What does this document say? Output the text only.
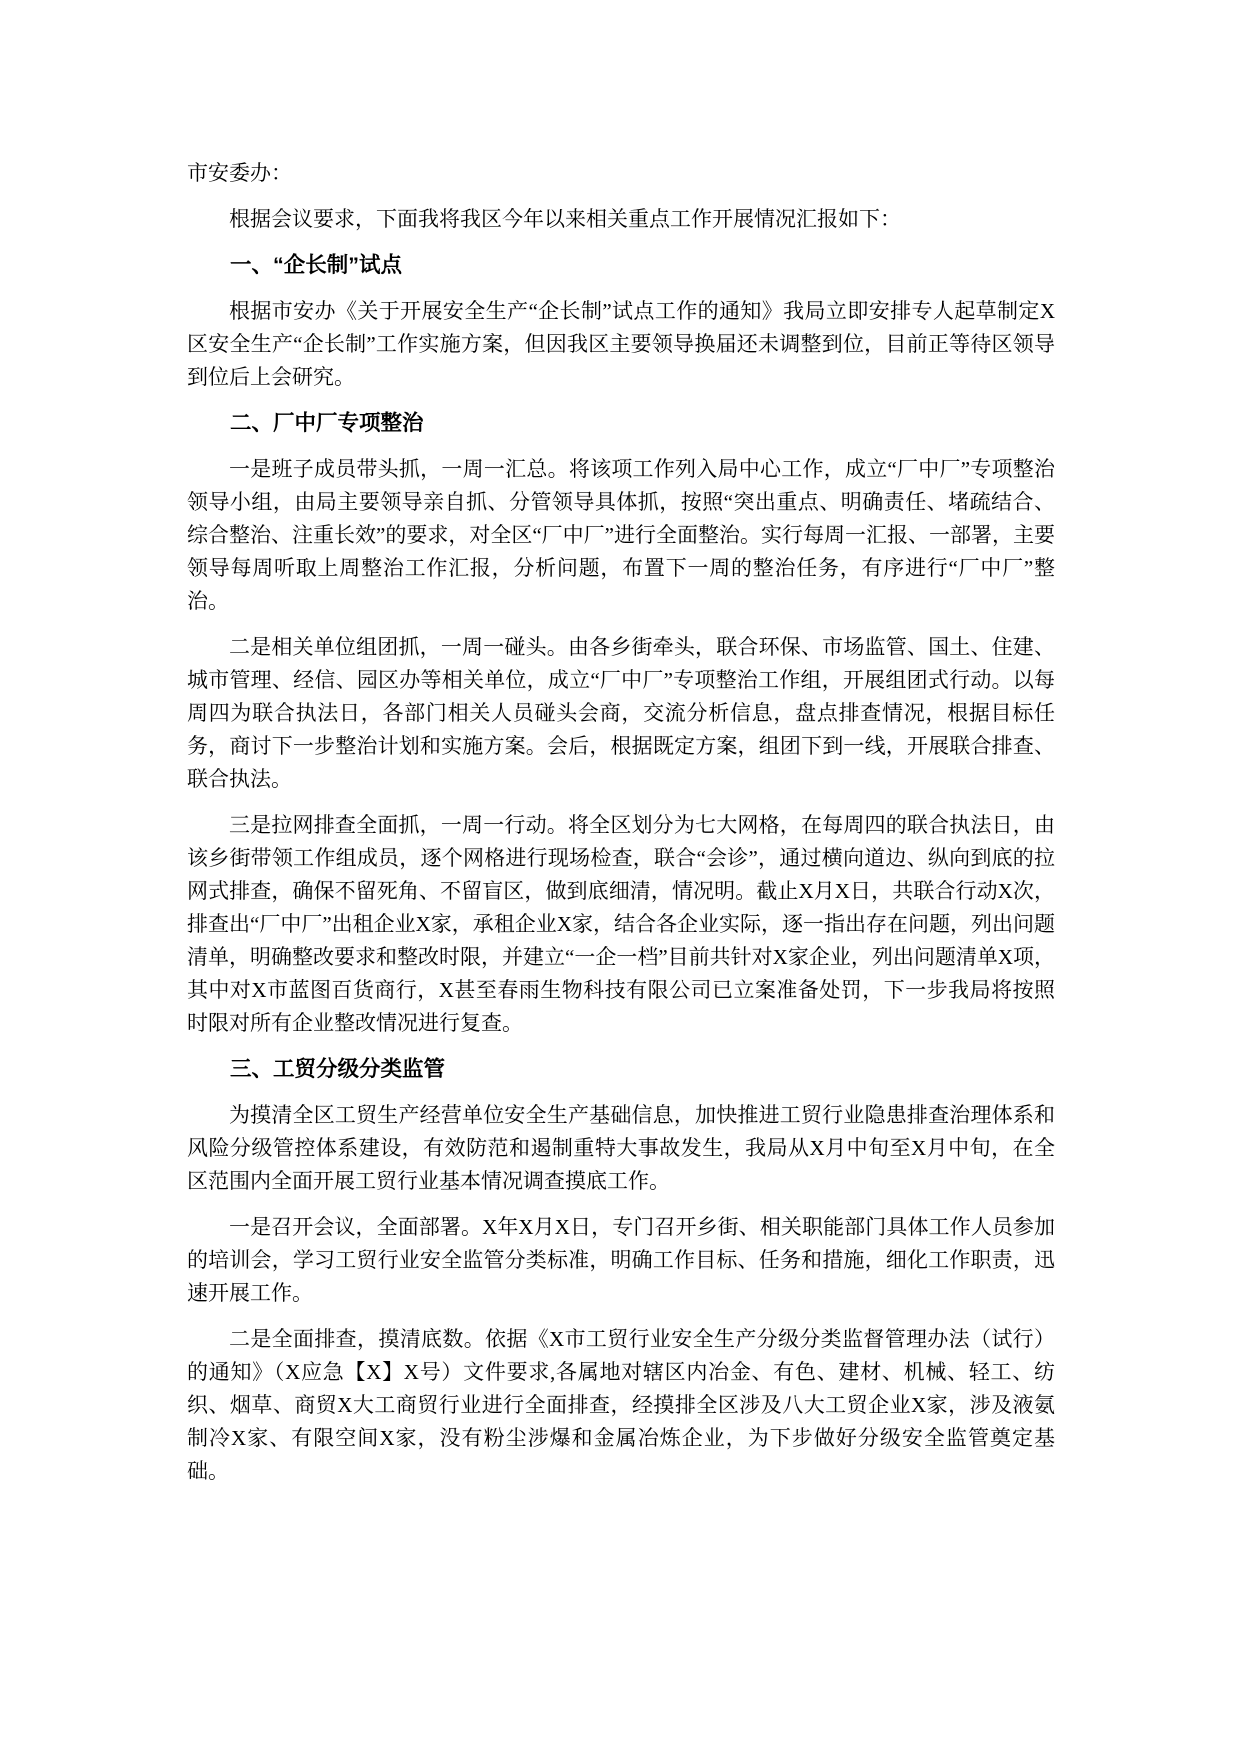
市安委办：

根据会议要求，下面我将我区今年以来相关重点工作开展情况汇报如下：

一、“企长制”试点

根据市安办《关于开展安全生产“企长制”试点工作的通知》我局立即安排专人起草制定X区安全生产“企长制”工作实施方案，但因我区主要领导换届还未调整到位，目前正等待区领导到位后上会研究。

二、厂中厂专项整治

一是班子成员带头抓，一周一汇总。将该项工作列入局中心工作，成立“厂中厂”专项整治领导小组，由局主要领导亲自抓、分管领导具体抓，按照“突出重点、明确责任、堵疏结合、综合整治、注重长效”的要求，对全区“厂中厂”进行全面整治。实行每周一汇报、一部署，主要领导每周听取上周整治工作汇报，分析问题，布置下一周的整治任务，有序进行“厂中厂”整治。

二是相关单位组团抓，一周一碰头。由各乡街牵头，联合环保、市场监管、国土、住建、城市管理、经信、园区办等相关单位，成立“厂中厂”专项整治工作组，开展组团式行动。以每周四为联合执法日，各部门相关人员碰头会商，交流分析信息，盘点排查情况，根据目标任务，商讨下一步整治计划和实施方案。会后，根据既定方案，组团下到一线，开展联合排查、联合执法。

三是拉网排查全面抓，一周一行动。将全区划分为七大网格，在每周四的联合执法日，由该乡街带领工作组成员，逐个网格进行现场检查，联合“会诊”，通过横向道边、纵向到底的拉网式排查，确保不留死角、不留盲区，做到底细清，情况明。截止X月X日，共联合行动X次，排查出“厂中厂”出租企业X家，承租企业X家，结合各企业实际，逐一指出存在问题，列出问题清单，明确整改要求和整改时限，并建立“一企一档”目前共针对X家企业，列出问题清单X项，其中对X市蓝图百货商行，X甚至春雨生物科技有限公司已立案准备处罚，下一步我局将按照时限对所有企业整改情况进行复查。

三、工贸分级分类监管

为摸清全区工贸生产经营单位安全生产基础信息，加快推进工贸行业隐患排查治理体系和风险分级管控体系建设，有效防范和遏制重特大事故发生，我局从X月中旬至X月中旬，在全区范围内全面开展工贸行业基本情况调查摸底工作。

一是召开会议，全面部署。X年X月X日，专门召开乡街、相关职能部门具体工作人员参加的培训会，学习工贸行业安全监管分类标准，明确工作目标、任务和措施，细化工作职责，迅速开展工作。

二是全面排查，摸清底数。依据《X市工贸行业安全生产分级分类监督管理办法（试行）的通知》（X应急【X】X号）文件要求,各属地对辖区内冶金、有色、建材、机械、轻工、纺织、烟草、商贸X大工商贸行业进行全面排查，经摸排全区涉及八大工贸企业X家，涉及液氨制冷X家、有限空间X家，没有粉尘涉爆和金属冶炼企业，为下步做好分级安全监管奠定基础。
